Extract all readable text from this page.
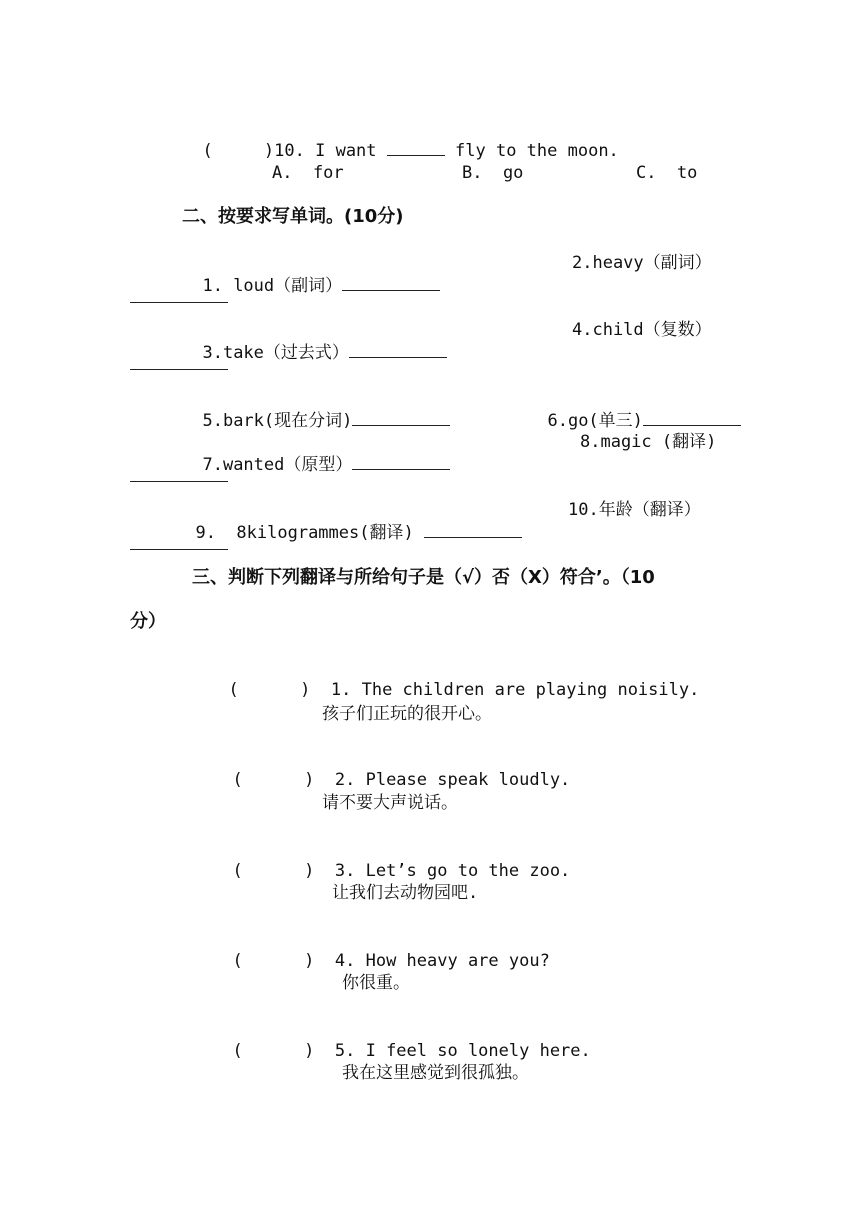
(     )10. I want	fly to the moon.

A.  for	B.  go	C.  to
二、按要求写单词。(10分)

1. loud（副词）

2.heavy（副词）

3.take（过去式）

4.child（复数）

5.bark(现在分词)	6.go(单三)

7.wanted（原型）

8.magic (翻译)

9.  8kilogrammes(翻译)

10.年龄（翻译）
三、判断下列翻译与所给句子是（√）否（X）符合’。（10
分）

(      ) 1. The children are playing noisily.

孩子们正玩的很开心。

(      ) 2. Please speak loudly.

请不要大声说话。

(      ) 3. Let’s go to the zoo.

让我们去动物园吧.

(      ) 4. How heavy are you?

你很重。

(      ) 5. I feel so lonely here.

我在这里感觉到很孤独。
